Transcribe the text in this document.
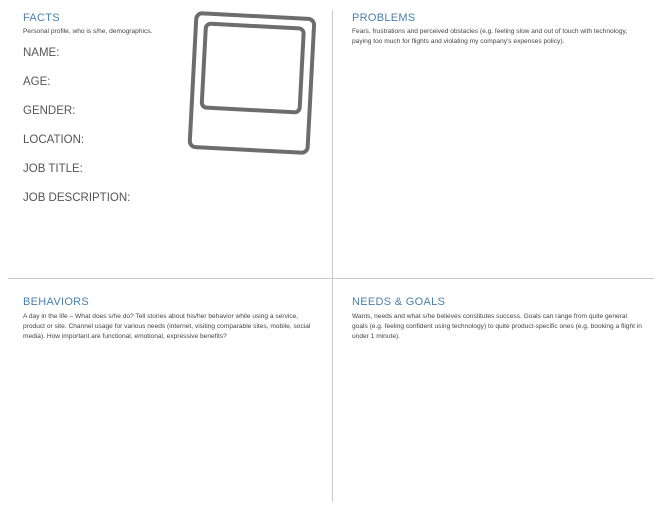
FACTS

Personal profile, who is s/he, demographics.

NAME:
AGE:
GENDER:
LOCATION:
JOB TITLE:
JOB DESCRIPTION:
PROBLEMS

Fears, frustrations and perceived obstacles (e.g. feeling slow and out of touch with technology, paying too much for flights and violating my company's expenses policy).

BEHAVIORS

A day in the life – What does s/he do? Tell stories about his/her behavior while using a service, product or site. Channel usage for various needs (internet, visiting comparable sites, mobile, social media). How important are functional, emotional, expressive benefits?

NEEDS & GOALS

Wants, needs and what s/he believes constitutes success. Goals can range from quite general goals (e.g. feeling confident using technology) to quite product-specific ones (e.g. booking a flight in under 1 minute).
